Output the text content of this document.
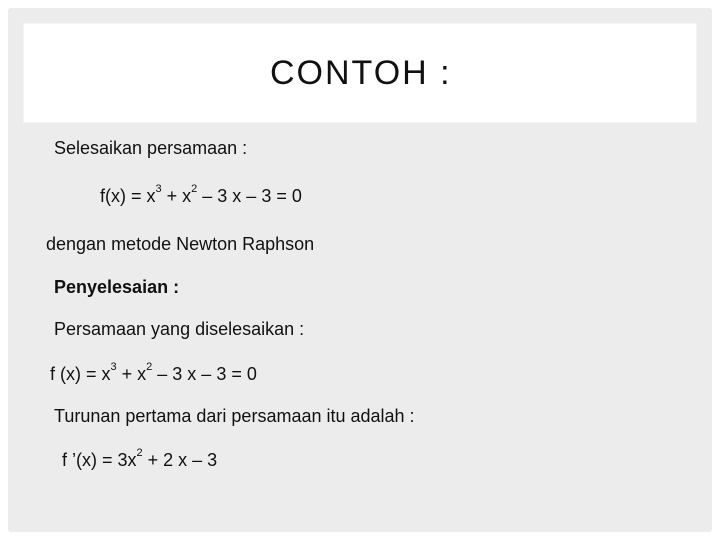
CONTOH :
Selesaikan persamaan :
$f(x) = x^3 + x^2 - 3$ x – 3 = 0
dengan metode Newton Raphson
Penyelesaian :
Persamaan yang diselesaikan :
f $(x) = x^3 + x^2 - 3$ x – 3 = 0
Turunan pertama dari persamaan itu adalah :
f ’(x) = $3x^2 + 2$ x – 3
